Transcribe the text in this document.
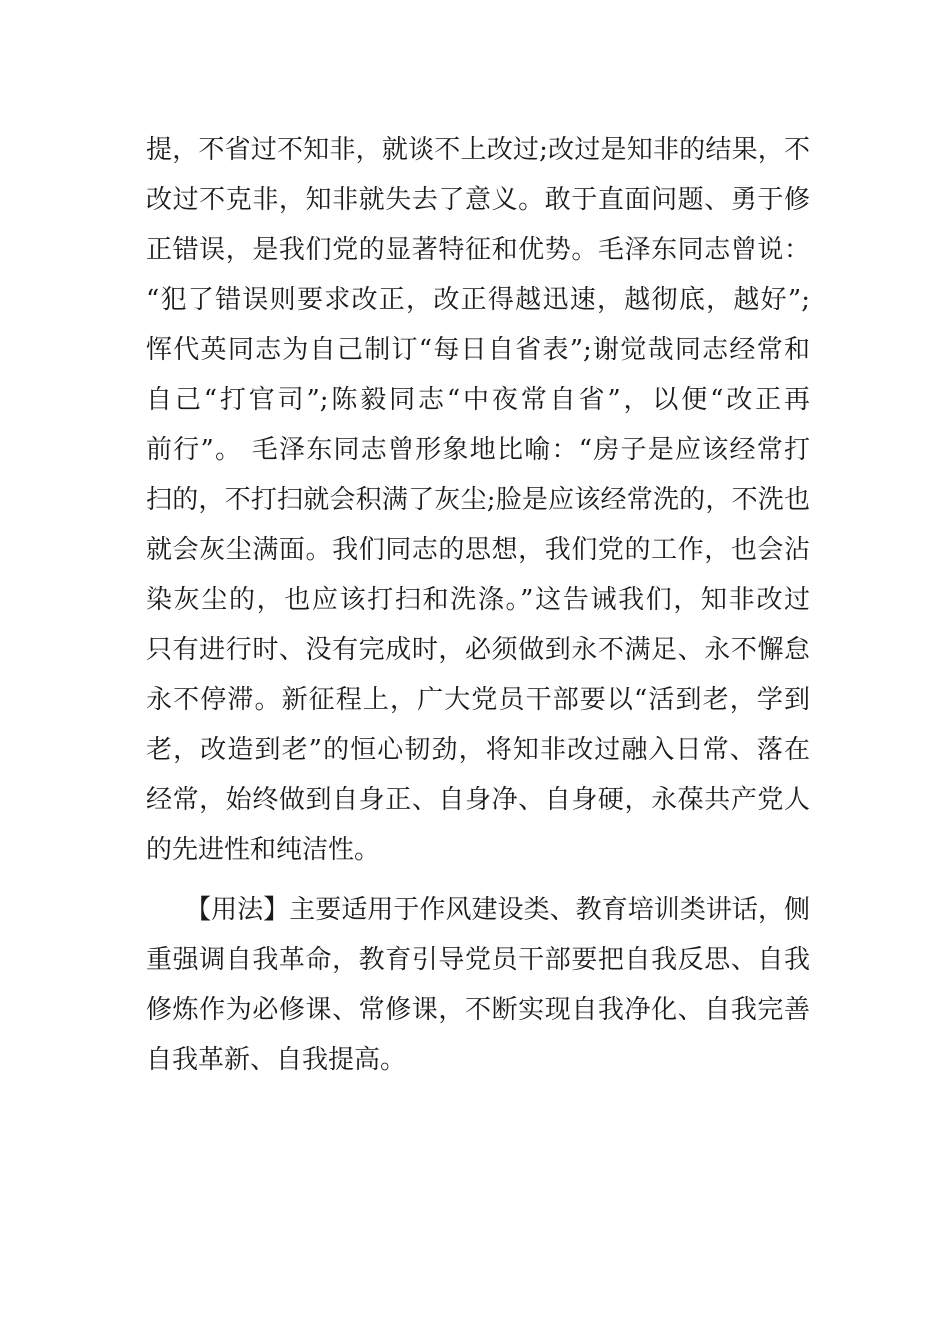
提，不省过不知非，就谈不上改过;改过是知非的结果，不
改过不克非，知非就失去了意义。敢于直面问题、勇于修
正错误，是我们党的显著特征和优势。毛泽东同志曾说：
“犯了错误则要求改正，改正得越迅速，越彻底，越好”;
恽代英同志为自己制订“每日自省表”;谢觉哉同志经常和
自己“打官司”;陈毅同志“中夜常自省”，以便“改正再
前行”。 毛泽东同志曾形象地比喻：“房子是应该经常打
扫的，不打扫就会积满了灰尘;脸是应该经常洗的，不洗也
就会灰尘满面。我们同志的思想，我们党的工作，也会沾
染灰尘的，也应该打扫和洗涤。”这告诫我们，知非改过
只有进行时、没有完成时，必须做到永不满足、永不懈怠
永不停滞。新征程上，广大党员干部要以“活到老，学到
老，改造到老”的恒心韧劲，将知非改过融入日常、落在
经常，始终做到自身正、自身净、自身硬，永葆共产党人
的先进性和纯洁性。
　　【用法】主要适用于作风建设类、教育培训类讲话，侧
重强调自我革命，教育引导党员干部要把自我反思、自我
修炼作为必修课、常修课，不断实现自我净化、自我完善
自我革新、自我提高。
